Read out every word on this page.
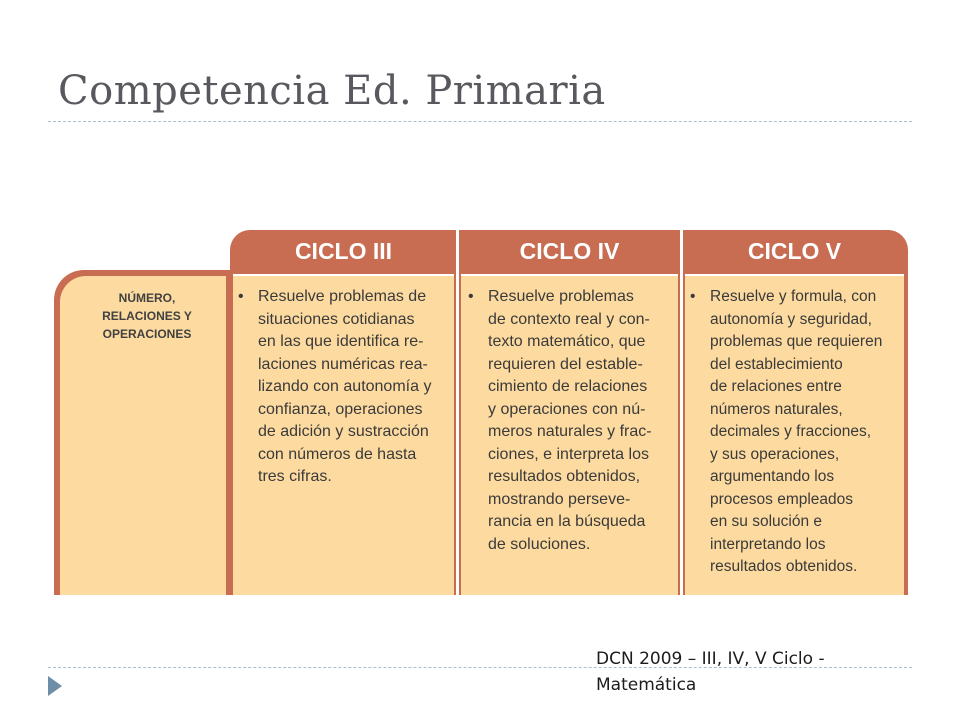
Competencia Ed. Primaria
NÚMERO,
RELACIONES Y
OPERACIONES
CICLO III	CICLO IV	CICLO V
• Resuelve problemas de
situaciones cotidianas
en las que identifica re-
laciones numéricas rea-
lizando con autonomía y
confianza, operaciones
de adición y sustracción
con números de hasta
tres cifras.
• Resuelve problemas
de contexto real y con-
texto matemático, que
requieren del estable-
cimiento de relaciones
y operaciones con nú-
meros naturales y frac-
ciones, e interpreta los
resultados obtenidos,
mostrando perseve-
rancia en la búsqueda
de soluciones.
• Resuelve y formula, con
autonomía y seguridad,
problemas que requieren
del establecimiento
de relaciones entre
números naturales,
decimales y fracciones,
y sus operaciones,
argumentando los
procesos empleados
en su solución e
interpretando los
resultados obtenidos.
DCN 2009 – III, IV, V Ciclo -
Matemática
